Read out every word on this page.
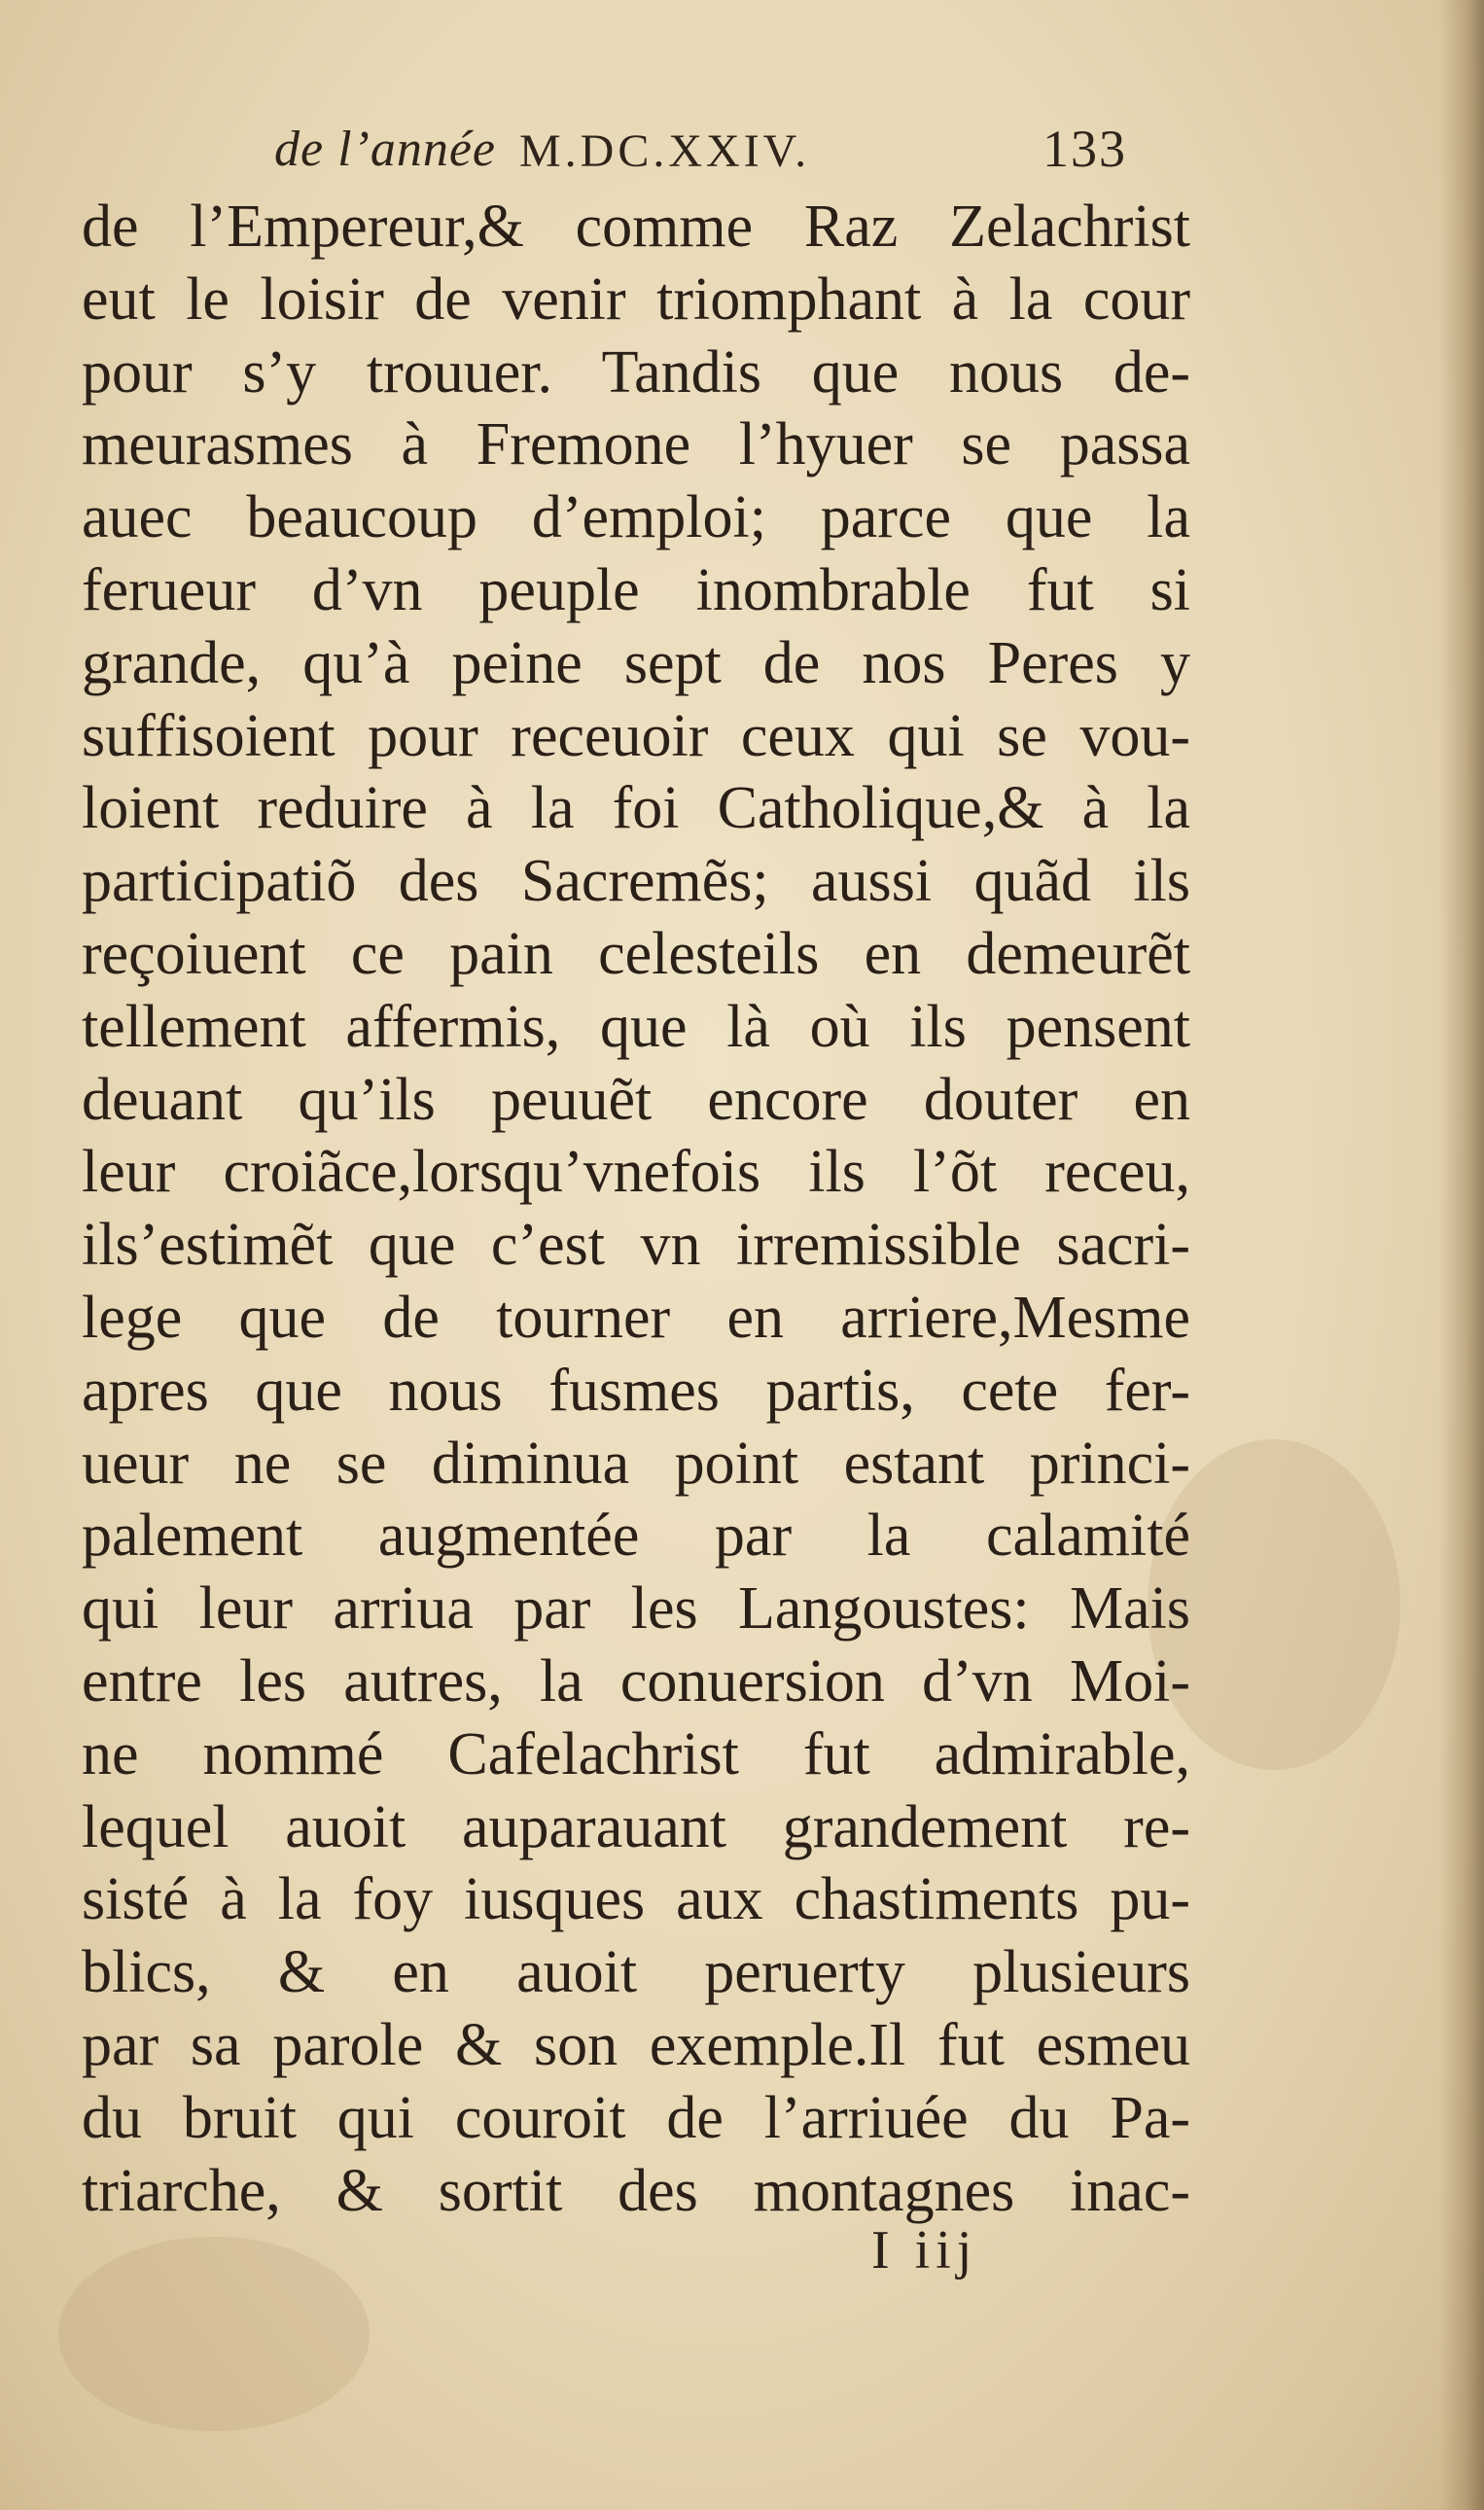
de l’année M.DC.XXIV.	133
de l’Empereur,& comme Raz Zelachrist
eut le loisir de venir triomphant à la cour
pour s’y trouuer. Tandis que nous de-
meurasmes à Fremone l’hyuer se passa
auec beaucoup d’emploi; parce que la
ferueur d’vn peuple inombrable fut si
grande, qu’à peine sept de nos Peres y
suffisoient pour receuoir ceux qui se vou-
loient reduire à la foi Catholique,& à la
participatiõ des Sacremẽs; aussi quãd ils
reçoiuent ce pain celesteils en demeurẽt
tellement affermis, que là où ils pensent
deuant qu’ils peuuẽt encore douter en
leur croiãce,lorsqu’vnefois ils l’õt receu,
ils’estimẽt que c’est vn irremissible sacri-
lege que de tourner en arriere,Mesme
apres que nous fusmes partis, cete fer-
ueur ne se diminua point estant princi-
palement augmentée par la calamité
qui leur arriua par les Langoustes: Mais
entre les autres, la conuersion d’vn Moi-
ne nommé Cafelachrist fut admirable,
lequel auoit auparauant grandement re-
sisté à la foy iusques aux chastiments pu-
blics, & en auoit peruerty plusieurs
par sa parole & son exemple.Il fut esmeu
du bruit qui couroit de l’arriuée du Pa-
triarche, & sortit des montagnes inac-
I iij
